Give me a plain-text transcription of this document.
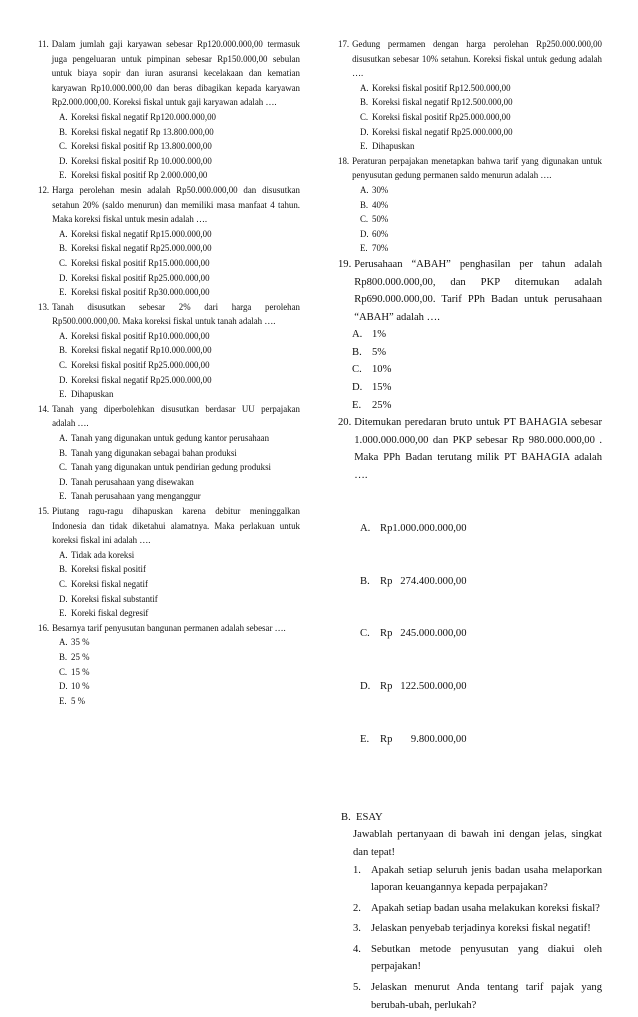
11. Dalam jumlah gaji karyawan sebesar Rp120.000.000,00 termasuk juga pengeluaran untuk pimpinan sebesar Rp150.000,00 sebulan untuk biaya sopir dan iuran asuransi kecelakaan dan kematian karyawan Rp10.000.000,00 dan beras dibagikan kepada karyawan Rp2.000.000,00. Koreksi fiskal untuk gaji karyawan adalah ….
A. Koreksi fiskal negatif Rp120.000.000,00
B. Koreksi fiskal negatif Rp 13.800.000,00
C. Koreksi fiskal positif Rp 13.800.000,00
D. Koreksi fiskal positif Rp 10.000.000,00
E. Koreksi fiskal positif Rp 2.000.000,00
12. Harga perolehan mesin adalah Rp50.000.000,00 dan disusutkan setahun 20% (saldo menurun) dan memiliki masa manfaat 4 tahun. Maka koreksi fiskal untuk mesin adalah ….
A. Koreksi fiskal negatif Rp15.000.000,00
B. Koreksi fiskal negatif Rp25.000.000,00
C. Koreksi fiskal positif Rp15.000.000,00
D. Koreksi fiskal positif Rp25.000.000,00
E. Koreksi fiskal positif Rp30.000.000,00
13. Tanah disusutkan sebesar 2% dari harga perolehan Rp500.000.000,00. Maka koreksi fiskal untuk tanah adalah ….
A. Koreksi fiskal positif Rp10.000.000,00
B. Koreksi fiskal negatif Rp10.000.000,00
C. Koreksi fiskal positif Rp25.000.000,00
D. Koreksi fiskal negatif Rp25.000.000,00
E. Dihapuskan
14. Tanah yang diperbolehkan disusutkan berdasar UU perpajakan adalah ….
A. Tanah yang digunakan untuk gedung kantor perusahaan
B. Tanah yang digunakan sebagai bahan produksi
C. Tanah yang digunakan untuk pendirian gedung produksi
D. Tanah perusahaan yang disewakan
E. Tanah perusahaan yang menganggur
15. Piutang ragu-ragu dihapuskan karena debitur meninggalkan Indonesia dan tidak diketahui alamatnya. Maka perlakuan untuk koreksi fiskal ini adalah ….
A. Tidak ada koreksi
B. Koreksi fiskal positif
C. Koreksi fiskal negatif
D. Koreksi fiskal substantif
E. Koreki fiskal degresif
16. Besarnya tarif penyusutan bangunan permanen adalah sebesar ….
A. 35 %
B. 25 %
C. 15 %
D. 10 %
E. 5 %
17. Gedung permamen dengan harga perolehan Rp250.000.000,00 disusutkan sebesar 10% setahun. Koreksi fiskal untuk gedung adalah ….
A. Koreksi fiskal positif Rp12.500.000,00
B. Koreksi fiskal negatif Rp12.500.000,00
C. Koreksi fiskal positif Rp25.000.000,00
D. Koreksi fiskal negatif Rp25.000.000,00
E. Dihapuskan
18. Peraturan perpajakan menetapkan bahwa tarif yang digunakan untuk penyusutan gedung permanen saldo menurun adalah ….
A. 30%
B. 40%
C. 50%
D. 60%
E. 70%
19. Perusahaan “ABAH” penghasilan per tahun adalah Rp800.000.000,00, dan PKP ditemukan adalah Rp690.000.000,00. Tarif PPh Badan untuk perusahaan “ABAH” adalah ….
A. 1%
B. 5%
C. 10%
D. 15%
E.	25%
20. Ditemukan peredaran bruto untuk PT BAHAGIA sebesar 1.000.000.000,00 dan PKP sebesar Rp 980.000.000,00 . Maka PPh Badan terutang milik PT BAHAGIA adalah ….

A. Rp1.000.000.000,00

B. Rp   274.400.000,00

C. Rp   245.000.000,00

D. Rp   122.500.000,00

E.	Rp       9.800.000,00

B.  ESAY
Jawablah pertanyaan di bawah ini dengan jelas, singkat dan tepat!
1. Apakah setiap seluruh jenis badan usaha melaporkan laporan keuangannya kepada perpajakan?
2. Apakah setiap badan usaha melakukan koreksi fiskal?
3. Jelaskan penyebab terjadinya koreksi fiskal negatif!
4. Sebutkan metode penyusutan yang diakui oleh perpajakan!
5. Jelaskan menurut Anda tentang tarif pajak yang berubah-ubah, perlukah?
